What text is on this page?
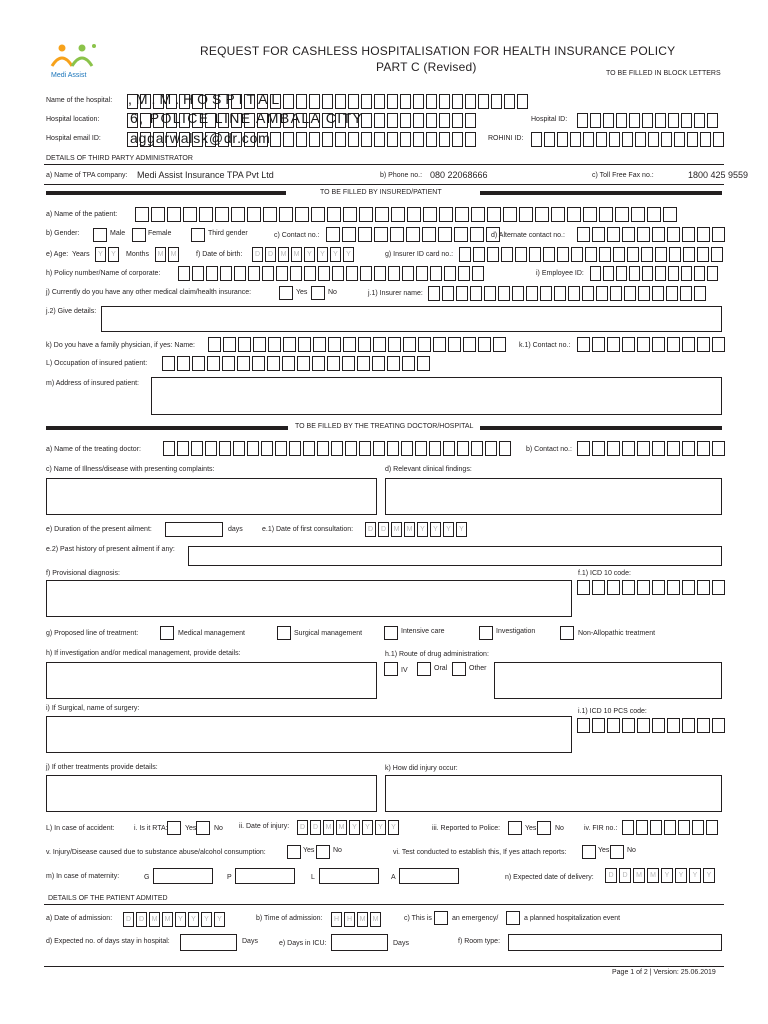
Medi Assist
REQUEST FOR CASHLESS HOSPITALISATION FOR HEALTH INSURANCE POLICY
PART C (Revised)	TO BE FILLED IN BLOCK LETTERS
Name of the hospital: ,M.M.HOSPITAL
Hospital location: 6, POLICE LINE AMBALA CITY	Hospital ID:
Hospital email ID: aggarwalsk@dr.com	ROHINI ID:
DETAILS OF THIRD PARTY ADMINISTRATOR
a) Name of TPA company: Medi Assist Insurance TPA Pvt Ltd	b) Phone no.: 080 22068666	c) Toll Free Fax no.:	1800 425 9559
TO BE FILLED BY INSURED/PATIENT
a) Name of the patient:
b) Gender:	Male	Female	Third gender	c) Contact no.:	d) Alternate contact no.:
e) Age: Years	Y	Y	Months	M	M	f) Date of birth:	D	D	M	M	Y	Y	Y	Y	g) Insurer ID card no.:
h) Policy number/Name of corporate:	i) Employee ID:
j) Currently do you have any other medical claim/health insurance:	Yes	No	j.1) Insurer name:
j.2) Give details:
k) Do you have a family physician, if yes: Name:	k.1) Contact no.:
L) Occupation of insured patient:
m) Address of insured patient:
TO BE FILLED BY THE TREATING DOCTOR/HOSPITAL
a) Name of the treating doctor:	b) Contact no.:
c) Name of Illness/disease with presenting complaints:	d) Relevant clinical findings:
e) Duration of the present ailment:	days	e.1) Date of first consultation:	D	D	M	M	Y	Y	Y	Y
e.2) Past history of present ailment if any:
f) Provisional diagnosis:	f.1) ICD 10 code:
g) Proposed line of treatment:	Medical management	Surgical management	Intensive care	Investigation	Non-Allopathic treatment
h) If investigation and/or medical management, provide details:	h.1) Route of drug administration:
IV	Oral	Other
i) If Surgical, name of surgery:	i.1) ICD 10 PCS code:
j) If other treatments provide details:	k) How did injury occur:
L) In case of accident:	i. Is it RTA: Yes	No ii. Date of injury:	D	D	M	M	Y	Y	Y	Y	iii. Reported to Police:	Yes	No	iv. FIR no.:
v. Injury/Disease caused due to substance abuse/alcohol consumption:	Yes	No	vi. Test conducted to establish this, If yes attach reports:	Yes	No
m) In case of maternity:	G	P	L	A	n) Expected date of delivery:	D	D	M	M	Y	Y	Y	Y
DETAILS OF THE PATIENT ADMITED
a) Date of admission:	D	D	M	M	Y	Y	Y	Y	b) Time of admission:	H	H	M	M	c) This is	an emergency/	a planned hospitalization event
d) Expected no. of days stay in hospital:	Days	e) Days in ICU:	Days	f) Room type:
Page 1 of 2 | Version: 25.06.2019
